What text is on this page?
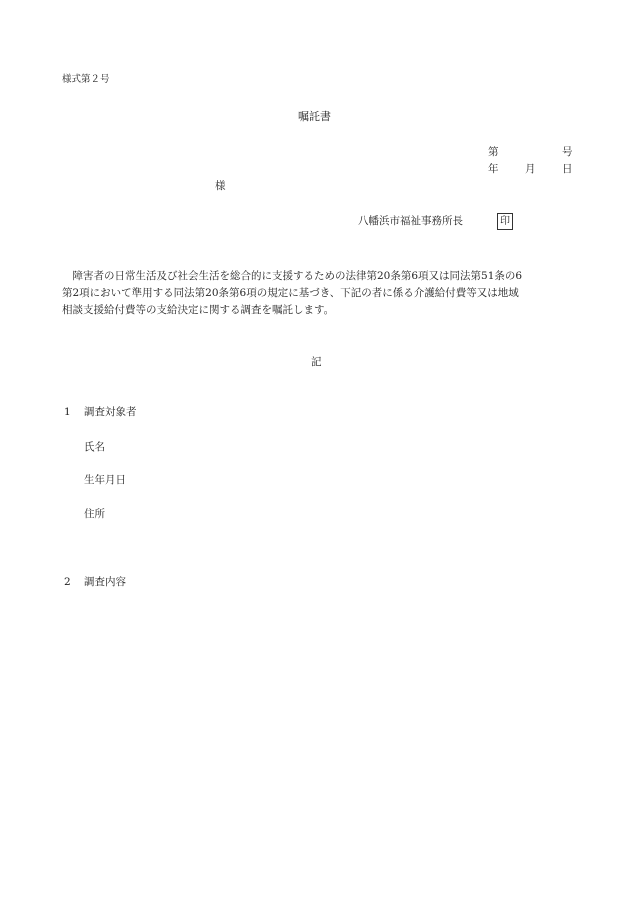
様式第２号
嘱託書
第	号
年	月	日
様
八幡浜市福祉事務所長	印
　障害者の日常生活及び社会生活を総合的に支援するための法律第20条第6項又は同法第51条の6
第2項において準用する同法第20条第6項の規定に基づき、下記の者に係る介護給付費等又は地域
相談支援給付費等の支給決定に関する調査を嘱託します。
記
1 調査対象者
氏名
生年月日
住所
2 調査内容
